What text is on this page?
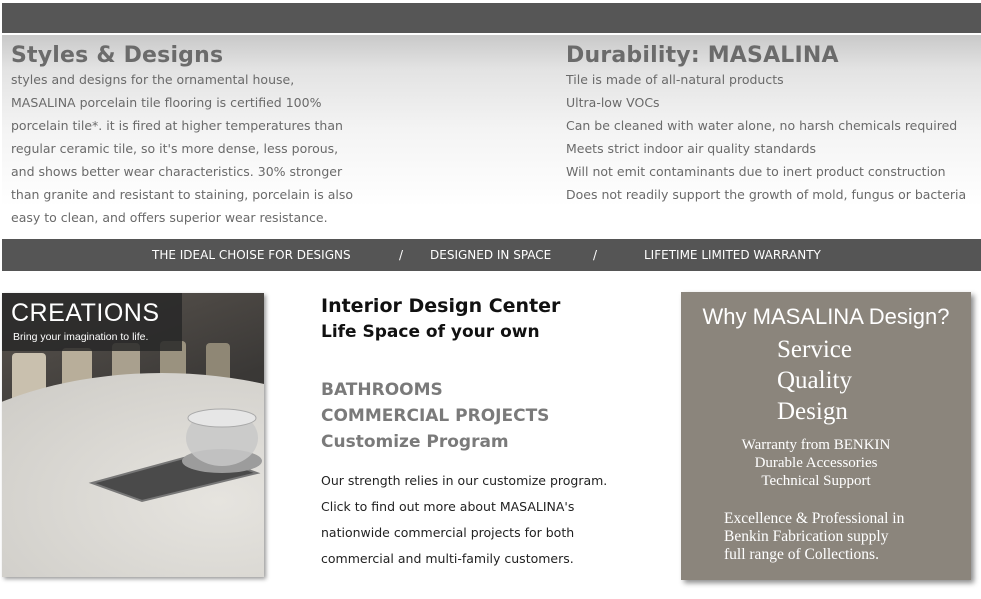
Styles & Designs

styles and designs for the ornamental house, MASALINA porcelain tile flooring is certified 100% porcelain tile*. it is fired at higher temperatures than regular ceramic tile, so it's more dense, less porous, and shows better wear characteristics. 30% stronger than granite and resistant to staining, porcelain is also easy to clean, and offers superior wear resistance.

Durability: MASALINA
Tile is made of all-natural products
Ultra-low VOCs
Can be cleaned with water alone, no harsh chemicals required
Meets strict indoor air quality standards
Will not emit contaminants due to inert product construction
Does not readily support the growth of mold, fungus or bacteria
THE IDEAL CHOISE FOR DESIGNS	/ DESIGNED IN SPACE	/	LIFETIME LIMITED WARRANTY
CREATIONS
Bring your imagination to life.
Interior Design Center
Life Space of your own
BATHROOMS
COMMERCIAL PROJECTS
Customize Program

Our strength relies in our customize program. Click to find out more about MASALINA's nationwide commercial projects for both commercial and multi-family customers.

Why MASALINA Design?
Service
Quality
Design
Warranty from BENKIN
Durable Accessories
Technical Support

Excellence & Professional in
Benkin Fabrication supply
full range of Collections.
